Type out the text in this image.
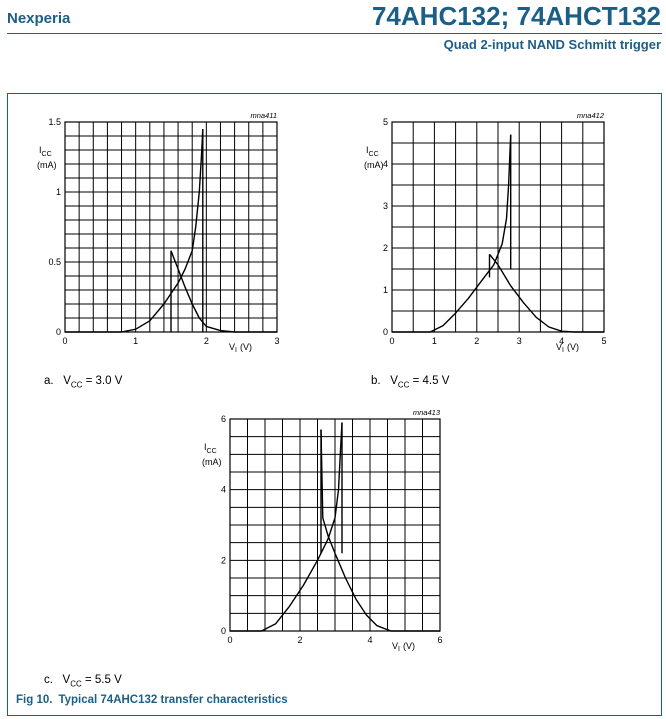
Nexperia	74AHC132; 74AHCT132
Quad 2-input NAND Schmitt trigger
0	1	2	3
0
0.5
1
1.5
$I_{CC}$
(mA)
$V_I$ (V)
mna411
a. $V_{CC} = 3.0$ V
0	1	2	3	4	5
0
1
2
3
4
5
$I_{CC}$
(mA)
$V_I$ (V)
mna412
b. $V_{CC} = 4.5$ V
0	2	4	6
0
2
4
6
$I_{CC}$
(mA)
$V_I$ (V)
mna413
c. $V_{CC} = 5.5$ V
Fig 10. Typical 74AHC132 transfer characteristics
